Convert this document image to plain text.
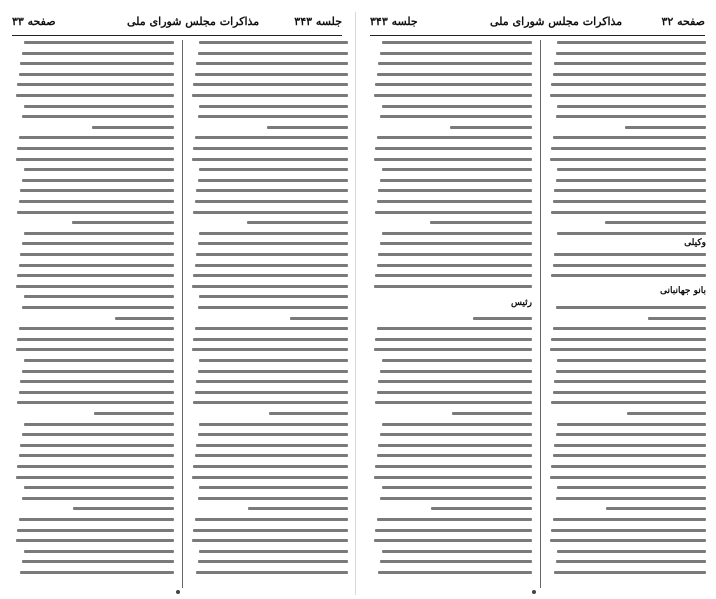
صفحه ۳۳	مذاکرات مجلس شورای ملی	جلسه ۳۴۳	جلسه ۳۴۳	مذاکرات مجلس شورای ملی	صفحه ۳۲
رئیس
وکیلی
بانو جهانبانی
